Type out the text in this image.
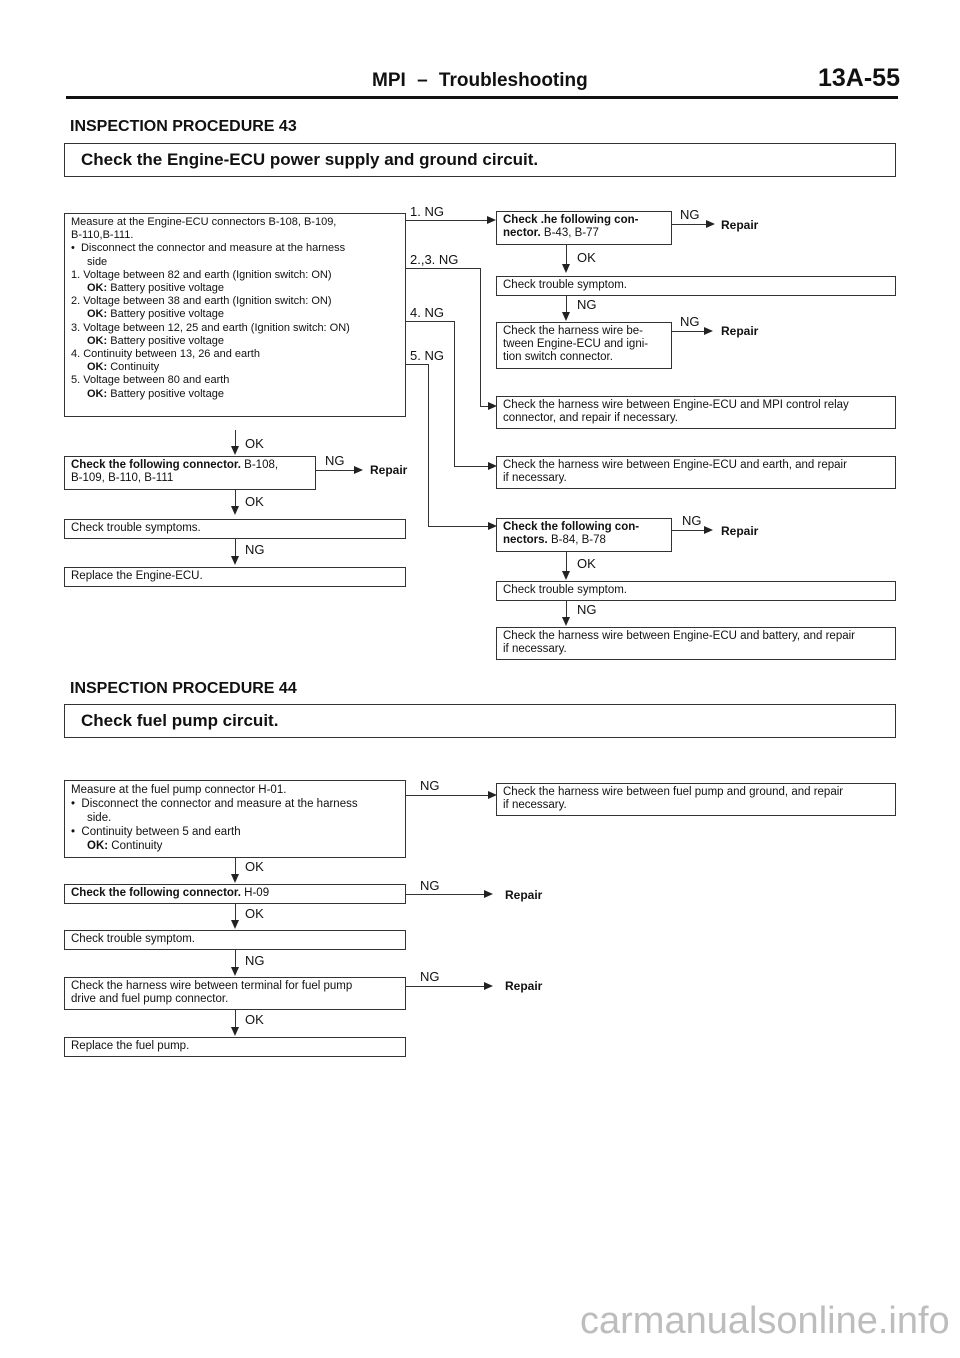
MPI – Troubleshooting	13A-55
INSPECTION PROCEDURE 43
Check the Engine-ECU power supply and ground circuit.
Measure at the Engine-ECU connectors B-108, B-109,
B-110,B-111.
• Disconnect the connector and measure at the harness
side
1. Voltage between 82 and earth (Ignition switch: ON)
OK: Battery positive voltage
2. Voltage between 38 and earth (Ignition switch: ON)
OK: Battery positive voltage
3. Voltage between 12, 25 and earth (Ignition switch: ON)
OK: Battery positive voltage
4. Continuity between 13, 26 and earth
OK: Continuity
5. Voltage between 80 and earth
OK: Battery positive voltage
1. NG
2.,3. NG
4. NG
5. NG
OK
Check the following connector. B-108,
B-109, B-110, B-111
NG
Repair
OK
Check trouble symptoms.
NG
Replace the Engine-ECU.
Check .he following con-
nector. B-43, B-77
NG
Repair
OK
Check trouble symptom.
NG
Check the harness wire be-
tween Engine-ECU and igni-
tion switch connector.
NG
Repair
Check the harness wire between Engine-ECU and MPI control relay
connector, and repair if necessary.
Check the harness wire between Engine-ECU and earth, and repair
if necessary.
Check the following con-
nectors. B-84, B-78
NG
Repair
OK
Check trouble symptom.
NG
Check the harness wire between Engine-ECU and battery, and repair
if necessary.
INSPECTION PROCEDURE 44
Check fuel pump circuit.
Measure at the fuel pump connector H-01.
• Disconnect the connector and measure at the harness
side.
• Continuity between 5 and earth
OK: Continuity
NG	Check the harness wire between fuel pump and ground, and repair
if necessary.
OK
Check the following connector. H-09	NG
Repair
OK
Check trouble symptom.
NG
Check the harness wire between terminal for fuel pump
drive and fuel pump connector.
NG
Repair
OK
Replace the fuel pump.
carmanualsonline.info
